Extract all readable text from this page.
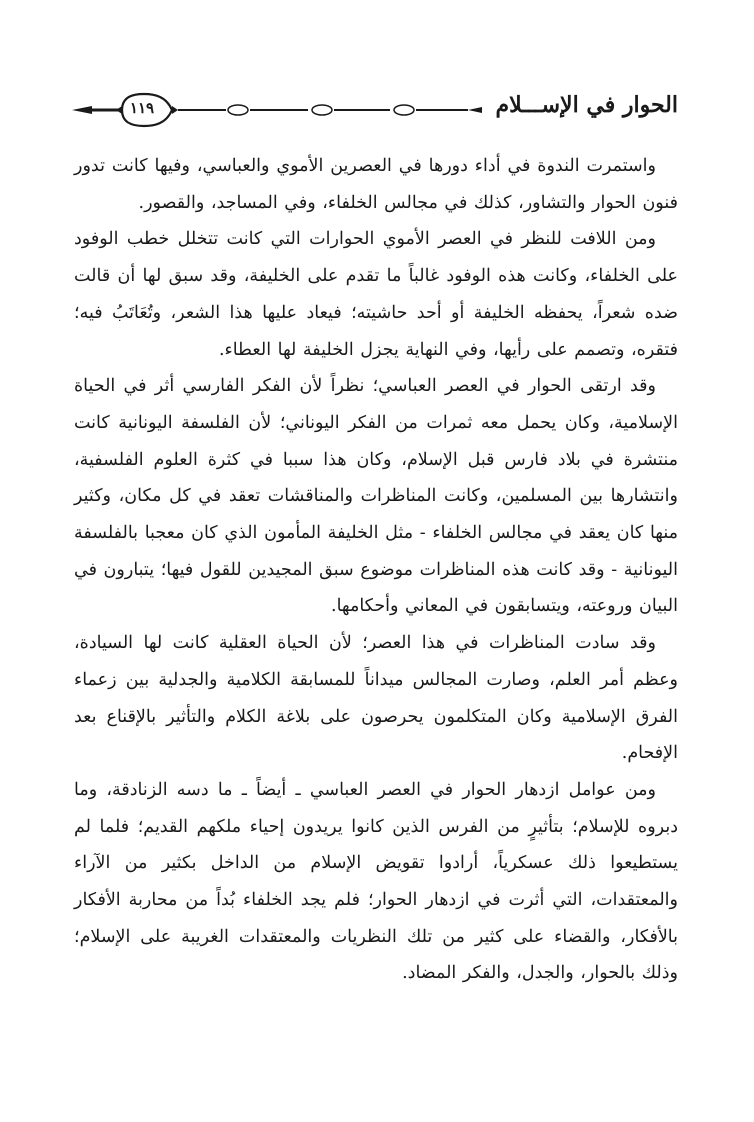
الحوار في الإســـلام
١١٩

واستمرت الندوة في أداء دورها في العصرين الأموي والعباسي، وفيها كانت تدور فنون الحوار والتشاور، كذلك في مجالس الخلفاء، وفي المساجد، والقصور.

ومن اللافت للنظر في العصر الأموي الحوارات التي كانت تتخلل خطب الوفود على الخلفاء، وكانت هذه الوفود غالباً ما تقدم على الخليفة، وقد سبق لها أن قالت ضده شعراً، يحفظه الخليفة أو أحد حاشيته؛ فيعاد عليها هذا الشعر، وتُعَاتَبُ فيه؛ فتقره، وتصمم على رأيها، وفي النهاية يجزل الخليفة لها العطاء.

وقد ارتقى الحوار في العصر العباسي؛ نظراً لأن الفكر الفارسي أثر في الحياة الإسلامية، وكان يحمل معه ثمرات من الفكر اليوناني؛ لأن الفلسفة اليونانية كانت منتشرة في بلاد فارس قبل الإسلام، وكان هذا سببا في كثرة العلوم الفلسفية، وانتشارها بين المسلمين، وكانت المناظرات والمناقشات تعقد في كل مكان، وكثير منها كان يعقد في مجالس الخلفاء - مثل الخليفة المأمون الذي كان معجبا بالفلسفة اليونانية - وقد كانت هذه المناظرات موضوع سبق المجيدين للقول فيها؛ يتبارون في البيان وروعته، ويتسابقون في المعاني وأحكامها.

وقد سادت المناظرات في هذا العصر؛ لأن الحياة العقلية كانت لها السيادة، وعظم أمر العلم، وصارت المجالس ميداناً للمسابقة الكلامية والجدلية بين زعماء الفرق الإسلامية وكان المتكلمون يحرصون على بلاغة الكلام والتأثير بالإقناع بعد الإفحام.

ومن عوامل ازدهار الحوار في العصر العباسي ـ أيضاً ـ ما دسه الزنادقة، وما دبروه للإسلام؛ بتأثيرٍ من الفرس الذين كانوا يريدون إحياء ملكهم القديم؛ فلما لم يستطيعوا ذلك عسكرياً، أرادوا تقويض الإسلام من الداخل بكثير من الآراء والمعتقدات، التي أثرت في ازدهار الحوار؛ فلم يجد الخلفاء بُداً من محاربة الأفكار بالأفكار، والقضاء على كثير من تلك النظريات والمعتقدات الغريبة على الإسلام؛ وذلك بالحوار، والجدل، والفكر المضاد.
